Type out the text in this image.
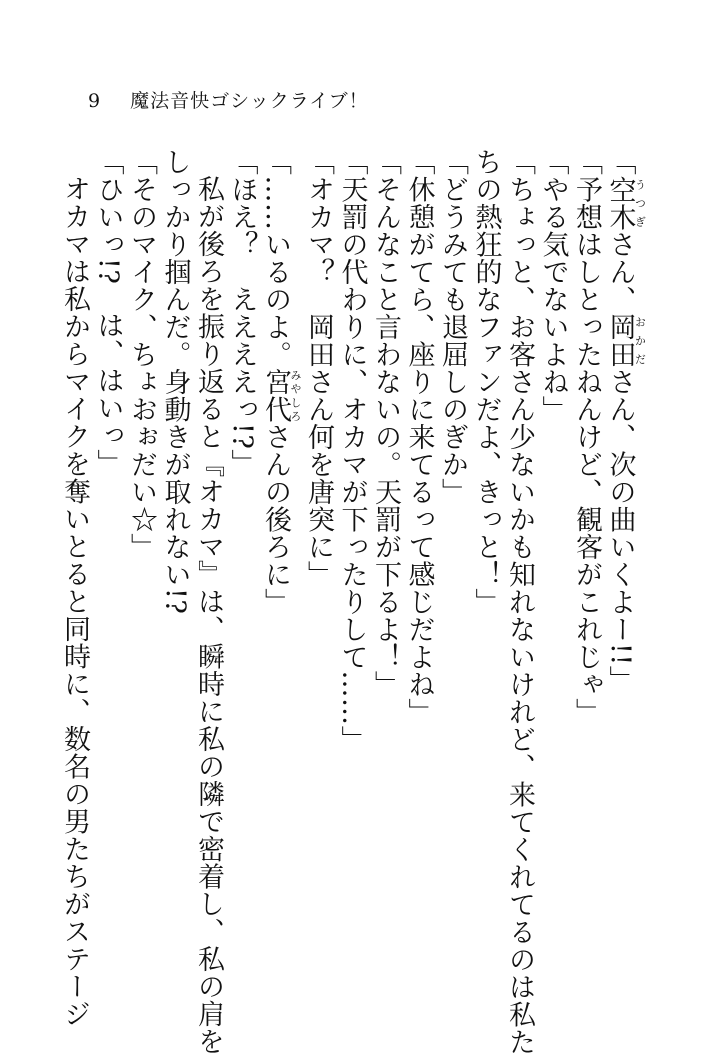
9 魔法音快ゴシックライブ！
「空木うつぎさん、岡田おかださん、次の曲いくよー!!」
「予想はしとったねんけど、観客がこれじゃ」
「やる気でないよね」
「ちょっと、お客さん少ないかも知れないけれど、来てくれてるのは私た
ちの熱狂的なファンだよ、きっと！」
「どうみても退屈しのぎか」
「休憩がてら、座りに来てるって感じだよね」
「そんなこと言わないの。天罰が下るよ！」
「天罰の代わりに、オカマが下ったりして……」
「オカマ？　岡田さん何を唐突に」
「……いるのよ。宮代みやしろさんの後ろに」
「ほえ？　ええええっ!?」
私が後ろを振り返ると『オカマ』は、瞬時に私の隣で密着し、私の肩を
しっかり掴んだ。身動きが取れない!?
「そのマイク、ちょおぉだい☆」
「ひいっ!?　は、はいっ」
オカマは私からマイクを奪いとると同時に、数名の男たちがステージ
